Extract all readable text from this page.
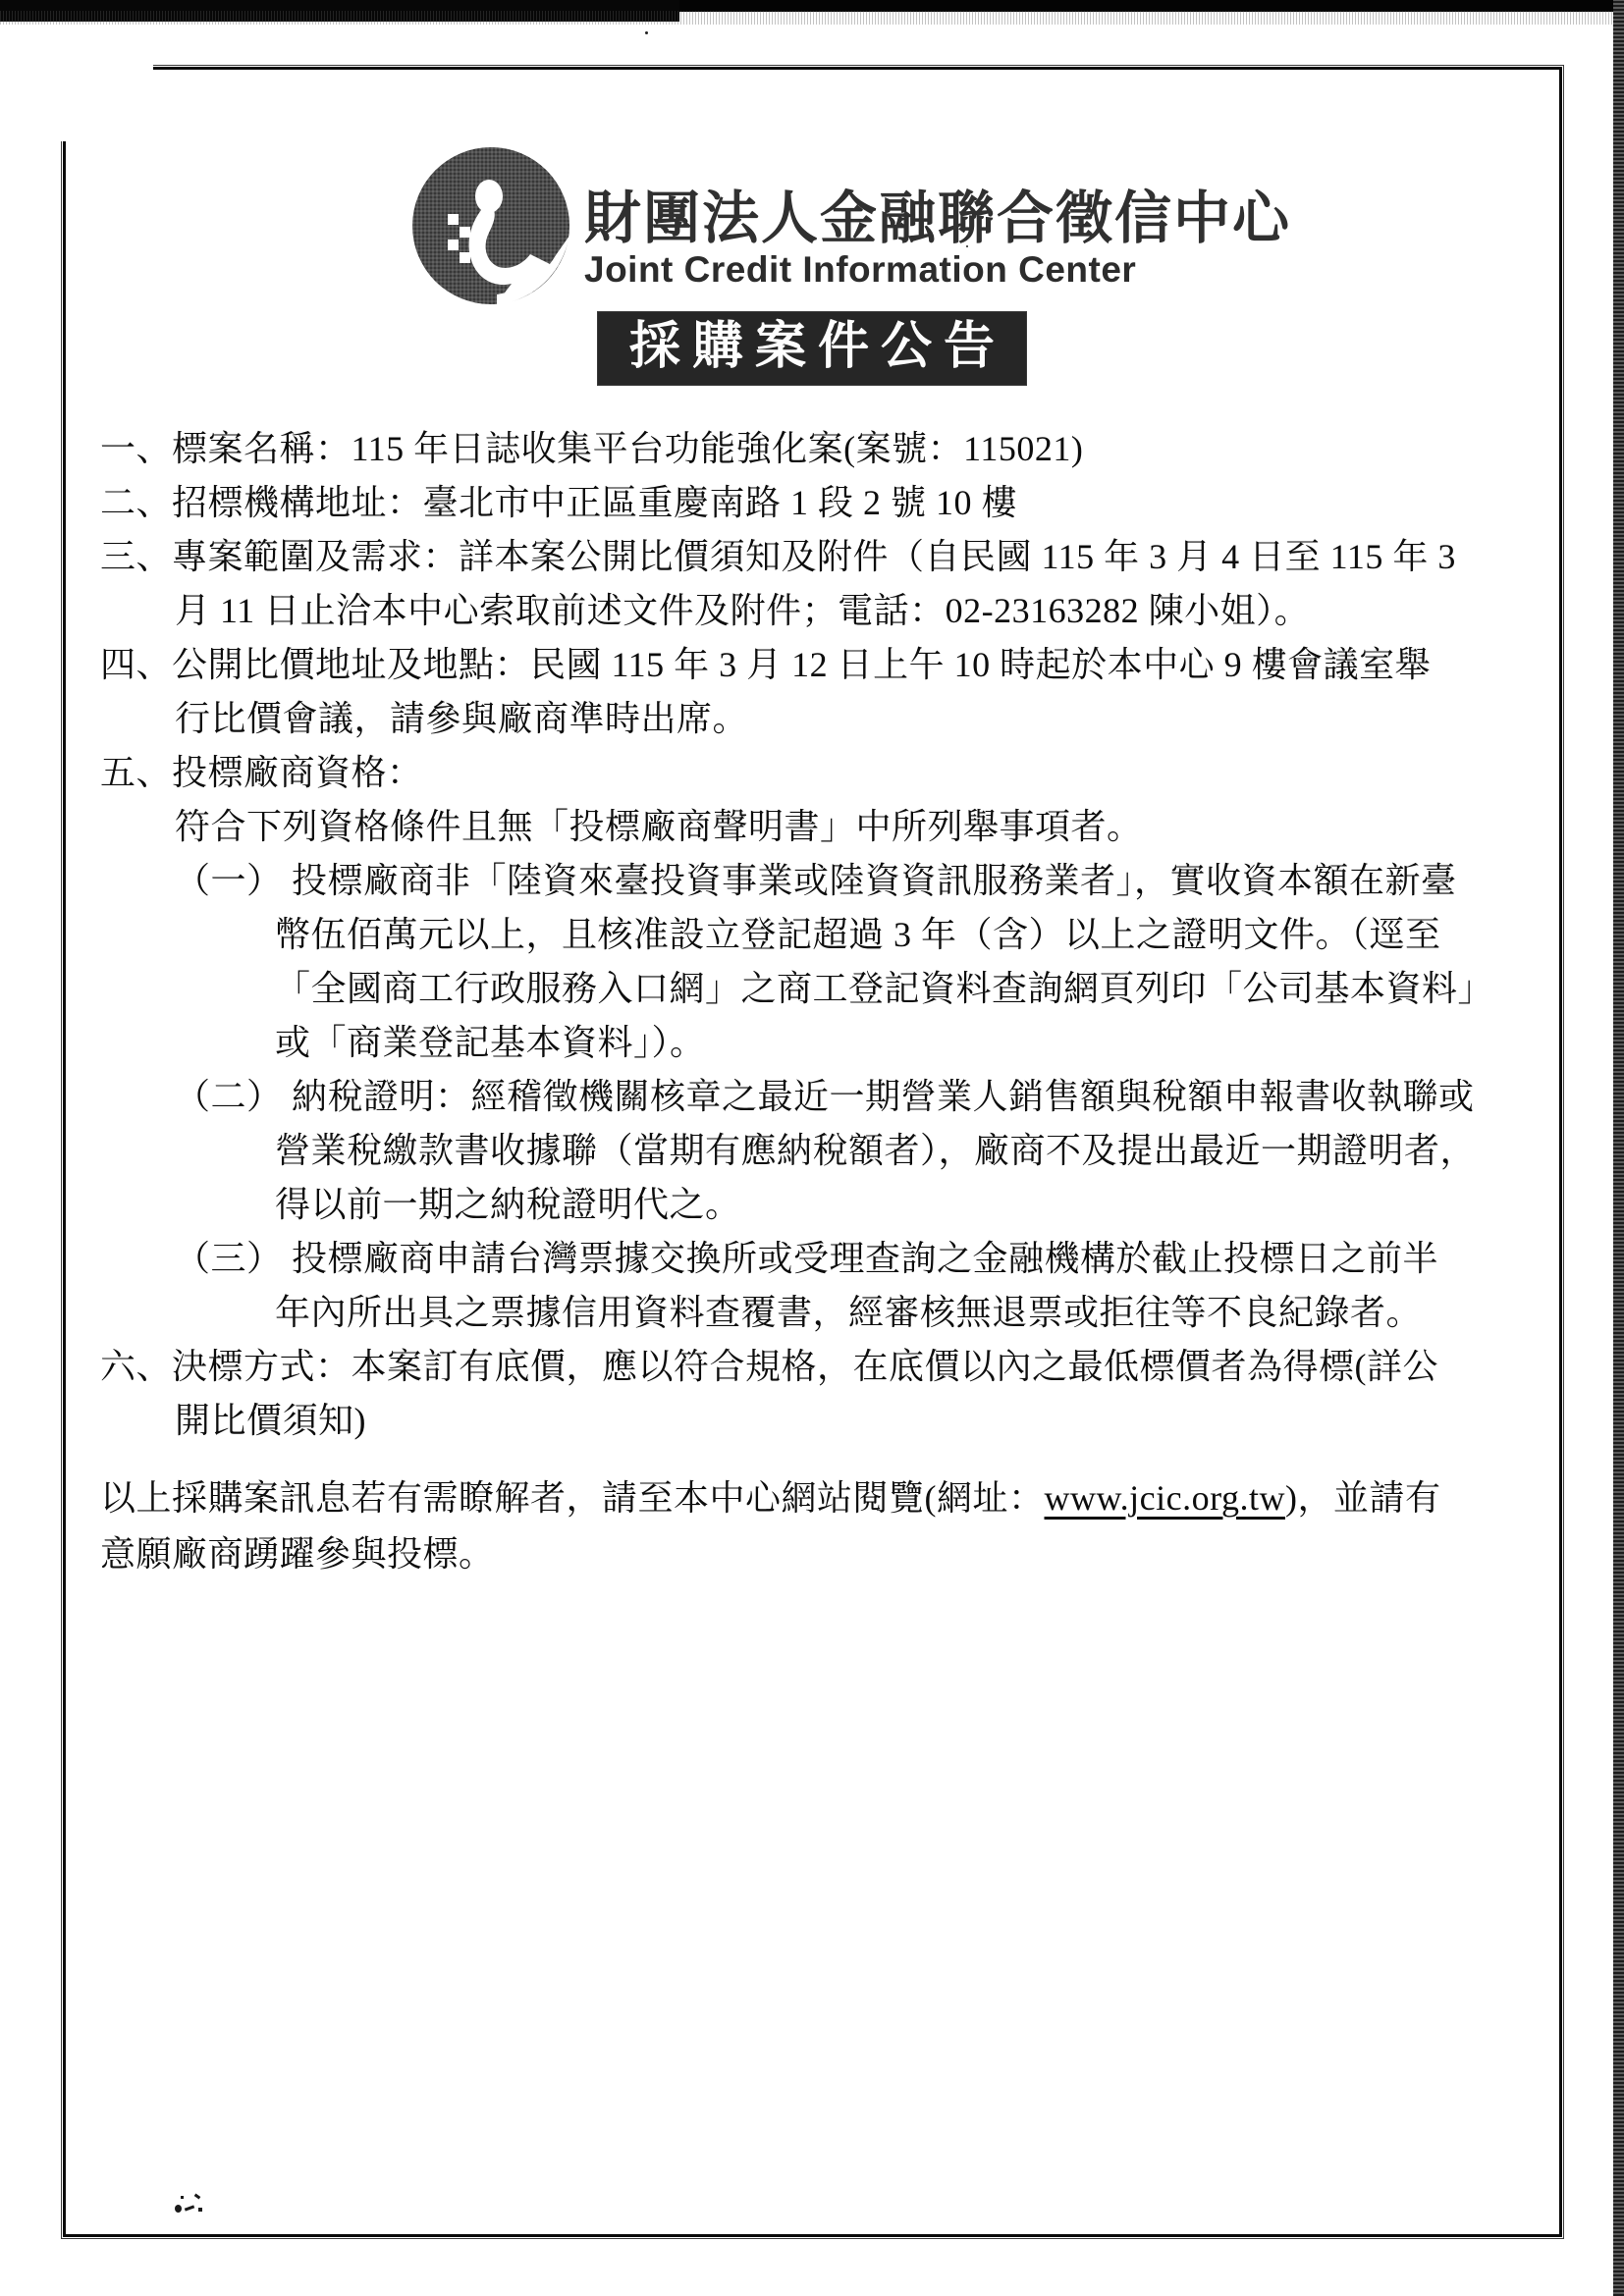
財團法人金融聯合徵信中心
Joint Credit Information Center
採購案件公告
一、標案名稱：115 年日誌收集平台功能強化案(案號：115021)
二、招標機構地址：臺北市中正區重慶南路 1 段 2 號 10 樓
三、專案範圍及需求：詳本案公開比價須知及附件（自民國 115 年 3 月 4 日至 115 年 3
月 11 日止洽本中心索取前述文件及附件；電話：02-23163282 陳小姐）。
四、公開比價地址及地點：民國 115 年 3 月 12 日上午 10 時起於本中心 9 樓會議室舉
行比價會議，請參與廠商準時出席。
五、投標廠商資格：
符合下列資格條件且無「投標廠商聲明書」中所列舉事項者。
（一） 投標廠商非「陸資來臺投資事業或陸資資訊服務業者」，實收資本額在新臺
幣伍佰萬元以上，且核准設立登記超過 3 年（含）以上之證明文件。（逕至
「全國商工行政服務入口網」之商工登記資料查詢網頁列印「公司基本資料」
或「商業登記基本資料」）。
（二） 納稅證明：經稽徵機關核章之最近一期營業人銷售額與稅額申報書收執聯或
營業稅繳款書收據聯（當期有應納稅額者），廠商不及提出最近一期證明者，
得以前一期之納稅證明代之。
（三） 投標廠商申請台灣票據交換所或受理查詢之金融機構於截止投標日之前半
年內所出具之票據信用資料查覆書，經審核無退票或拒往等不良紀錄者。
六、決標方式：本案訂有底價，應以符合規格，在底價以內之最低標價者為得標(詳公
開比價須知)
以上採購案訊息若有需瞭解者，請至本中心網站閱覽(網址：www.jcic.org.tw)，並請有
意願廠商踴躍參與投標。
